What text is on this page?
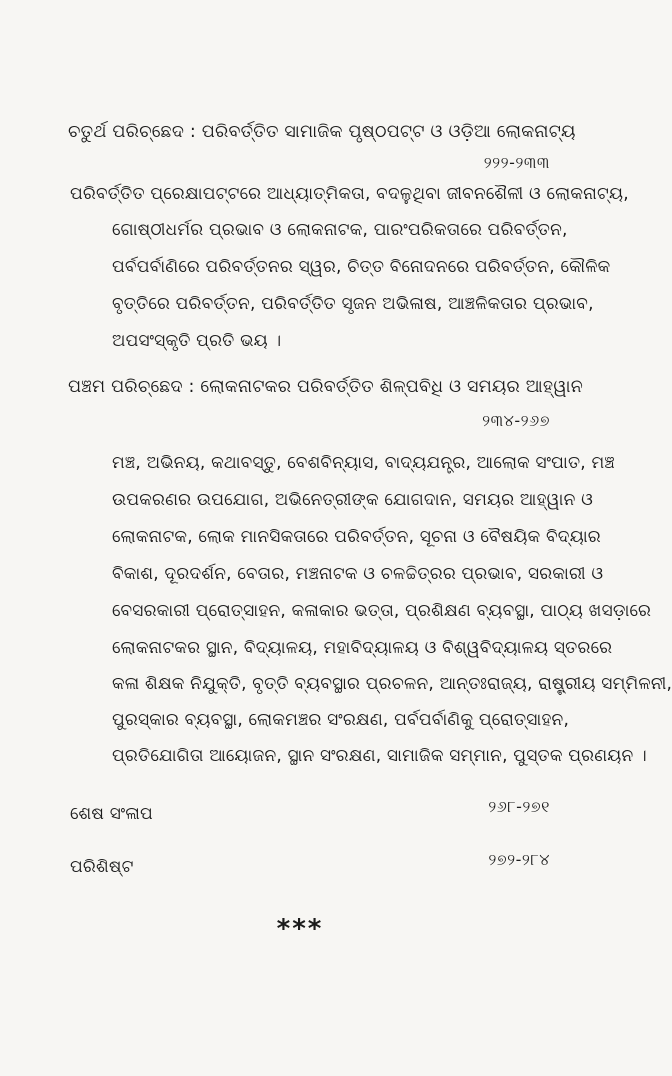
ଚତୁର୍ଥ ପରିଚ୍ଛେଦ : ପରିବର୍ତ୍ତିତ ସାମାଜିକ ପୃଷ୍ଠପଟ୍ଟ ଓ ଓଡ଼ିଆ ଲୋକନାଟ୍ୟ
୨୨୨-୨୩୩
ପରିବର୍ତ୍ତିତ ପ୍ରେକ୍ଷାପଟ୍ଟରେ ଆଧ୍ୟାତ୍ମିକତା, ବଦଳୁଥିବା ଜୀବନଶୈଳୀ ଓ ଲୋକନାଟ୍ୟ,
ଗୋଷ୍ଠୀଧର୍ମର ପ୍ରଭାବ ଓ ଲୋକନାଟକ, ପାରଂପରିକତାରେ ପରିବର୍ତ୍ତନ,
ପର୍ବପର୍ବାଣିରେ ପରିବର୍ତ୍ତନର ସ୍ୱର, ଚିତ୍ତ ବିନୋଦନରେ ପରିବର୍ତ୍ତନ, କୌଳିକ
ବୃତ୍ତିରେ ପରିବର୍ତ୍ତନ, ପରିବର୍ତ୍ତିତ ସୃଜନ ଅଭିଳାଷ, ଆଞ୍ଚଳିକତାର ପ୍ରଭାବ,
ଅପସଂସ୍କୃତି ପ୍ରତି ଭୟ ।
ପଞ୍ଚମ ପରିଚ୍ଛେଦ : ଲୋକନାଟକର ପରିବର୍ତ୍ତିତ ଶିଳ୍ପବିଧି ଓ ସମୟର ଆହ୍ୱାନ
୨୩୪-୨୬୭
ମଞ୍ଚ, ଅଭିନୟ, କଥାବସ୍ତୁ, ବେଶବିନ୍ୟାସ, ବାଦ୍ୟଯନ୍ତ୍ର, ଆଲୋକ ସଂପାତ, ମଞ୍ଚ
ଉପକରଣର ଉପଯୋଗ, ଅଭିନେତ୍ରୀଙ୍କ ଯୋଗଦାନ, ସମୟର ଆହ୍ୱାନ ଓ
ଲୋକନାଟକ, ଲୋକ ମାନସିକତାରେ ପରିବର୍ତ୍ତନ, ସୂଚନା ଓ ବୈଷୟିକ ବିଦ୍ୟାର
ବିକାଶ, ଦୂରଦର୍ଶନ, ବେତାର, ମଞ୍ଚନାଟକ ଓ ଚଳଚ୍ଚିତ୍ରର ପ୍ରଭାବ, ସରକାରୀ ଓ
ବେସରକାରୀ ପ୍ରୋତ୍ସାହନ, କଳାକାର ଭତ୍ତା, ପ୍ରଶିକ୍ଷଣ ବ୍ୟବସ୍ଥା, ପାଠ୍ୟ ଖସଡ଼ାରେ
ଲୋକନାଟକର ସ୍ଥାନ, ବିଦ୍ୟାଳୟ, ମହାବିଦ୍ୟାଳୟ ଓ ବିଶ୍ୱବିଦ୍ୟାଳୟ ସ୍ତରରେ
କଳା ଶିକ୍ଷକ ନିଯୁକ୍ତି, ବୃତ୍ତି ବ୍ୟବସ୍ଥାର ପ୍ରଚଳନ, ଆନ୍ତଃରାଜ୍ୟ, ରାଷ୍ଟ୍ରୀୟ ସମ୍ମିଳନୀ,
ପୁରସ୍କାର ବ୍ୟବସ୍ଥା, ଲୋକମଞ୍ଚର ସଂରକ୍ଷଣ, ପର୍ବପର୍ବାଣିକୁ ପ୍ରୋତ୍ସାହନ,
ପ୍ରତିଯୋଗିତା ଆୟୋଜନ, ସ୍ଥାନ ସଂରକ୍ଷଣ, ସାମାଜିକ ସମ୍ମାନ, ପୁସ୍ତକ ପ୍ରଣୟନ ।
ଶେଷ ସଂଳାପ	୨୬୮-୨୭୧
ପରିଶିଷ୍ଟ	୨୭୨-୨୮୪
***
